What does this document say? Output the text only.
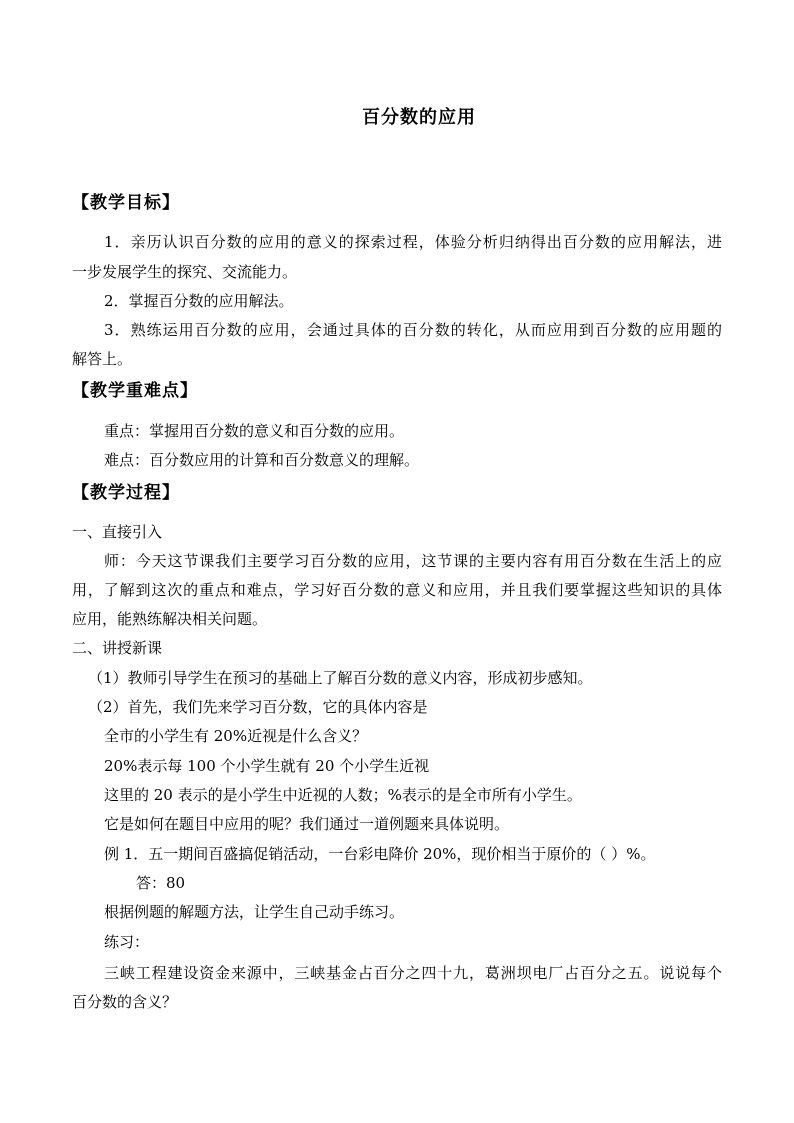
百分数的应用
【教学目标】
1．亲历认识百分数的应用的意义的探索过程，体验分析归纳得出百分数的应用解法，进
一步发展学生的探究、交流能力。
2．掌握百分数的应用解法。
3．熟练运用百分数的应用，会通过具体的百分数的转化，从而应用到百分数的应用题的
解答上。
【教学重难点】
重点：掌握用百分数的意义和百分数的应用。
难点：百分数应用的计算和百分数意义的理解。
【教学过程】
一、直接引入
师：今天这节课我们主要学习百分数的应用，这节课的主要内容有用百分数在生活上的应
用，了解到这次的重点和难点，学习好百分数的意义和应用，并且我们要掌握这些知识的具体
应用，能熟练解决相关问题。
二、讲授新课
（1）教师引导学生在预习的基础上了解百分数的意义内容，形成初步感知。
（2）首先，我们先来学习百分数，它的具体内容是
全市的小学生有 20%近视是什么含义？
20%表示每 100 个小学生就有 20 个小学生近视
这里的 20 表示的是小学生中近视的人数；%表示的是全市所有小学生。
它是如何在题目中应用的呢？我们通过一道例题来具体说明。
例 1．五一期间百盛搞促销活动，一台彩电降价 20%，现价相当于原价的（ ）%。
答：80
根据例题的解题方法，让学生自己动手练习。
练习：
三峡工程建设资金来源中，三峡基金占百分之四十九，葛洲坝电厂占百分之五。说说每个
百分数的含义？
